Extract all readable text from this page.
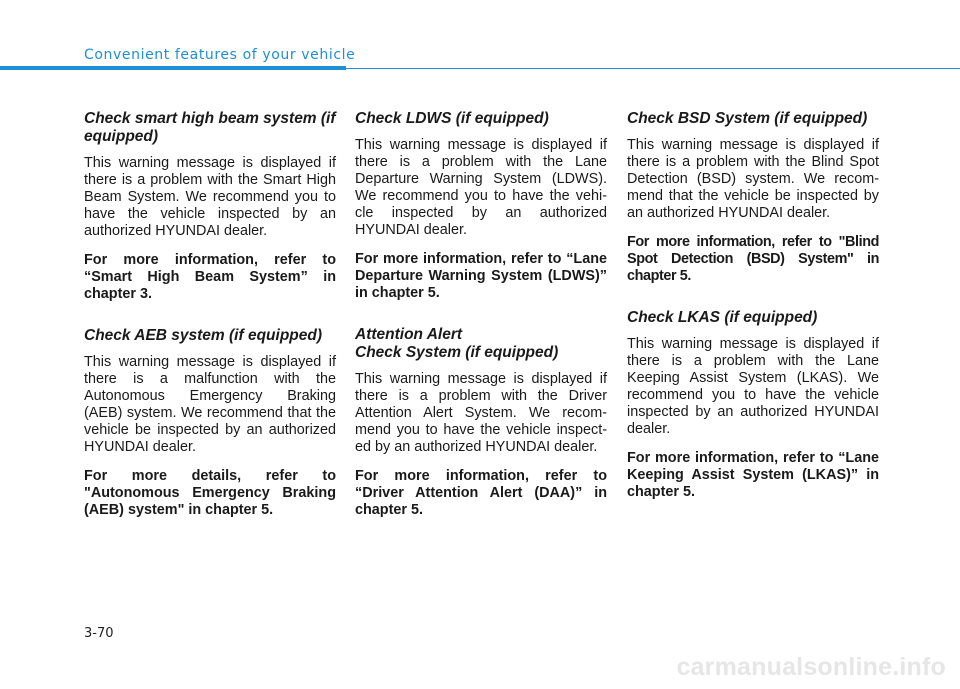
Convenient features of your vehicle
Check smart high beam system (if equipped)

This warning message is displayed if there is a problem with the Smart High Beam System. We recommend you to have the vehicle inspected by an authorized HYUNDAI dealer.

For more information, refer to “Smart High Beam System” in chapter 3.

Check AEB system (if equipped)

This warning message is displayed if there is a malfunction with the Autonomous Emergency Braking (AEB) system. We recommend that the vehicle be inspected by an authorized HYUNDAI dealer.

For more details, refer to "Autonomous Emergency Braking (AEB) system" in chapter 5.

Check LDWS (if equipped)

This warning message is displayed if there is a problem with the Lane Departure Warning System (LDWS). We recommend you to have the vehi-cle inspected by an authorized HYUNDAI dealer.

For more information, refer to “Lane Departure Warning System (LDWS)” in chapter 5.

Attention Alert
Check System (if equipped)

This warning message is displayed if there is a problem with the Driver Attention Alert System. We recom-mend you to have the vehicle inspect-ed by an authorized HYUNDAI dealer.

For more information, refer to “Driver Attention Alert (DAA)” in chapter 5.

Check BSD System (if equipped)

This warning message is displayed if there is a problem with the Blind Spot Detection (BSD) system. We recom-mend that the vehicle be inspected by an authorized HYUNDAI dealer.

For more information, refer to "Blind Spot Detection (BSD) System" in chapter 5.

Check LKAS (if equipped)

This warning message is displayed if there is a problem with the Lane Keeping Assist System (LKAS). We recommend you to have the vehicle inspected by an authorized HYUNDAI dealer.

For more information, refer to “Lane Keeping Assist System (LKAS)” in chapter 5.

3-70
carmanualsonline.info
